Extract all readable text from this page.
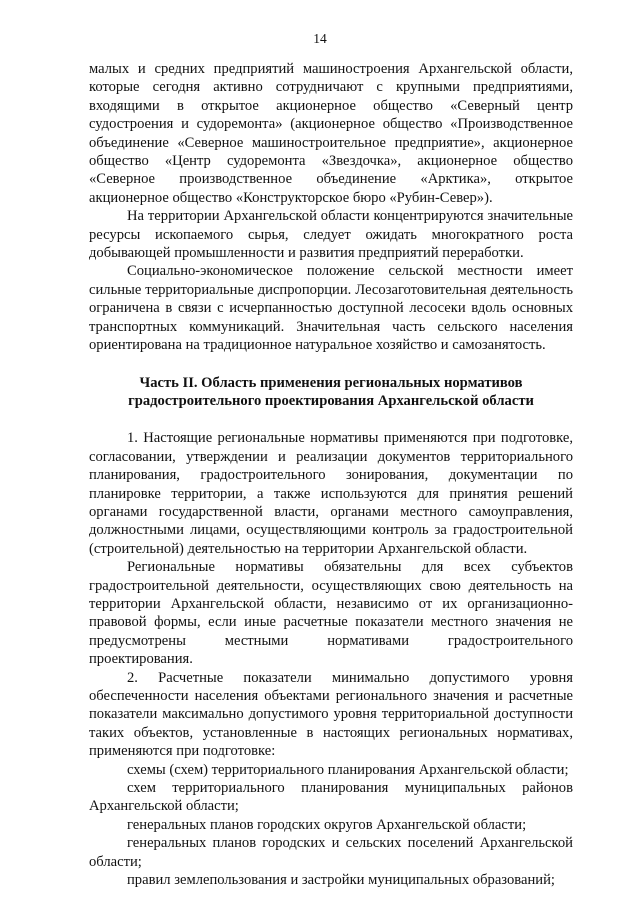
14

малых и средних предприятий машиностроения Архангельской области, которые сегодня активно сотрудничают с крупными предприятиями, входящими в открытое акционерное общество «Северный центр судостроения и судоремонта» (акционерное общество «Производственное объединение «Северное машиностроительное предприятие», акционерное общество «Центр судоремонта «Звездочка», акционерное общество «Северное производственное объединение «Арктика», открытое акционерное общество «Конструкторское бюро «Рубин-Север»).

На территории Архангельской области концентрируются значительные ресурсы ископаемого сырья, следует ожидать многократного роста добывающей промышленности и развития предприятий переработки.

Социально-экономическое положение сельской местности имеет сильные территориальные диспропорции. Лесозаготовительная деятельность ограничена в связи с исчерпанностью доступной лесосеки вдоль основных транспортных коммуникаций. Значительная часть сельского населения ориентирована на традиционное натуральное хозяйство и самозанятость.

Часть II. Область применения региональных нормативов градостроительного проектирования Архангельской области

1. Настоящие региональные нормативы применяются при подготовке, согласовании, утверждении и реализации документов территориального планирования, градостроительного зонирования, документации по планировке территории, а также используются для принятия решений органами государственной власти, органами местного самоуправления, должностными лицами, осуществляющими контроль за градостроительной (строительной) деятельностью на территории Архангельской области.

Региональные нормативы обязательны для всех субъектов градостроительной деятельности, осуществляющих свою деятельность на территории Архангельской области, независимо от их организационно-правовой формы, если иные расчетные показатели местного значения не предусмотрены местными нормативами градостроительного проектирования.

2. Расчетные показатели минимально допустимого уровня обеспеченности населения объектами регионального значения и расчетные показатели максимально допустимого уровня территориальной доступности таких объектов, установленные в настоящих региональных нормативах, применяются при подготовке:

схемы (схем) территориального планирования Архангельской области;

схем территориального планирования муниципальных районов Архангельской области;

генеральных планов городских округов Архангельской области;

генеральных планов городских и сельских поселений Архангельской области;

правил землепользования и застройки муниципальных образований;
